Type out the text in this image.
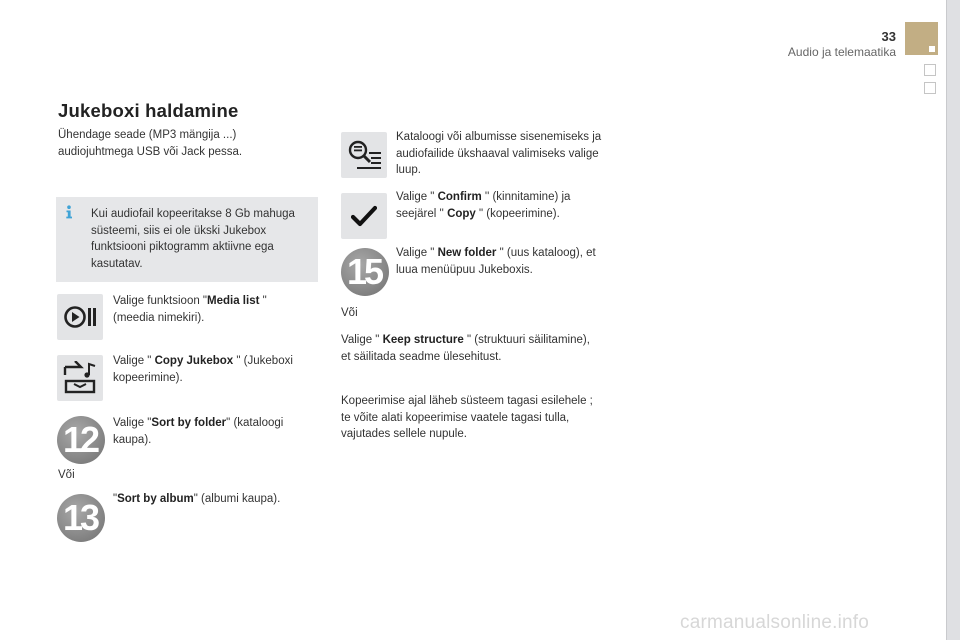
33
Audio ja telemaatika
Jukeboxi haldamine
Ühendage seade (MP3 mängija ...) audiojuhtmega USB või Jack pessa.
Kui audiofail kopeeritakse 8 Gb mahuga süsteemi, siis ei ole ükski Jukebox funktsiooni piktogramm aktiivne ega kasutatav.
Valige funktsioon "Media list " (meedia nimekiri).
Valige " Copy Jukebox " (Jukeboxi kopeerimine).
12	Valige "Sort by folder" (kataloogi kaupa).
Või
13	"Sort by album" (albumi kaupa).
Kataloogi või albumisse sisenemiseks ja audiofailide ükshaaval valimiseks valige luup.
Valige " Confirm '' (kinnitamine) ja seejärel '' Copy " (kopeerimine).
15	Valige " New folder " (uus kataloog), et luua menüüpuu Jukeboxis.
Või
Valige " Keep structure " (struktuuri säilitamine), et säilitada seadme ülesehitust.
Kopeerimise ajal läheb süsteem tagasi esilehele ; te võite alati kopeerimise vaatele tagasi tulla, vajutades sellele nupule.
carmanualsonline.info
